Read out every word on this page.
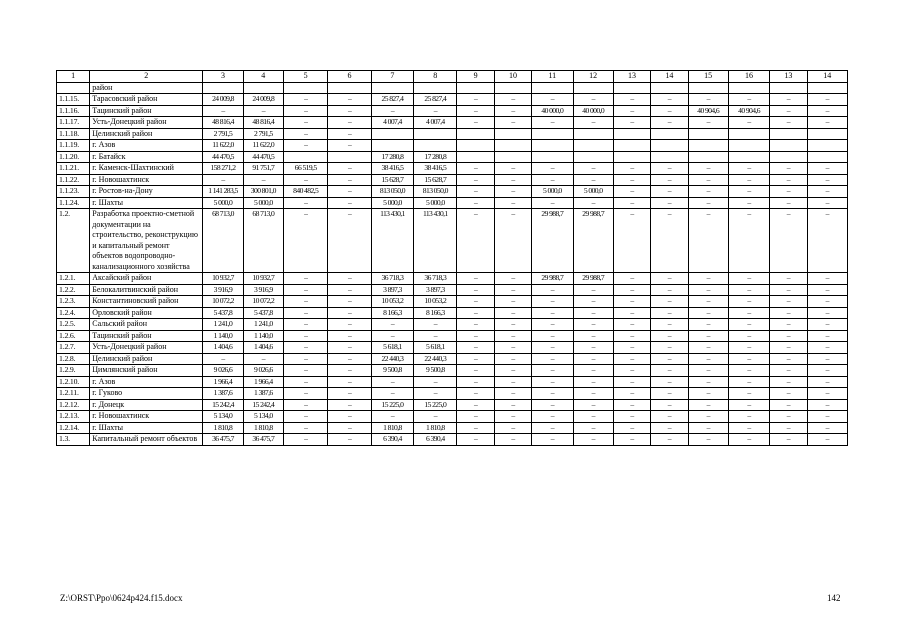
1	2	3	4	5	6	7	8	9	10	11	12	13	14	15	16	13	14
	район																
1.1.15.	Тарасовский район	24 009,8	24 009,8	–	–	25 827,4	25 827,4	–	–	–	–	–	–	–	–	–	–
1.1.16.	Тацинский район	–	–	–	–	–	–	–	–	40 000,0	40 000,0	–	–	40 904,6	40 904,6	–	–
1.1.17.	Усть-Донецкий район	48 816,4	48 816,4	–	–	4 007,4	4 007,4	–	–	–	–	–	–	–	–	–	–
1.1.18.	Целинский район	2 791,5	2 791,5	–	–												
1.1.19.	г. Азов	11 622,0	11 622,0	–	–												
1.1.20.	г. Батайск	44 470,5	44 470,5			17 280,8	17 280,8										
1.1.21.	г. Каменск-Шахтинский	158 271,2	91 751,7	66 519,5	–	38 416,5	38 416,5	–	–	–	–	–	–	–	–	–	–
1.1.22.	г. Новошахтинск	–	–	–	–	15 628,7	15 628,7	–	–	–	–	–	–	–	–	–	–
1.1.23.	г. Ростов-на-Дону	1 141 283,5	300 801,0	840 482,5	–	813 050,0	813 050,0	–	–	5 000,0	5 000,0	–	–	–	–	–	–
1.1.24.	г. Шахты	5 000,0	5 000,0	–	–	5 000,0	5 000,0	–	–	–	–	–	–	–	–	–	–
1.2.	Разработка проектно-сметной документации на строительство, реконструкцию и капитальный ремонт объектов водопроводно-канализационного хозяйства	68 713,0	68 713,0	–	–	113 430,1	113 430,1	–	–	29 988,7	29 988,7	–	–	–	–	–	–
1.2.1.	Аксайский район	10 932,7	10 932,7	–	–	36 718,3	36 718,3	–	–	29 988,7	29 988,7	–	–	–	–	–	–
1.2.2.	Белокалитвинский район	3 916,9	3 916,9	–	–	3 897,3	3 897,3	–	–	–	–	–	–	–	–	–	–
1.2.3.	Константиновский район	10 072,2	10 072,2	–	–	10 053,2	10 053,2	–	–	–	–	–	–	–	–	–	–
1.2.4.	Орловский район	5 437,8	5 437,8	–	–	8 166,3	8 166,3	–	–	–	–	–	–	–	–	–	–
1.2.5.	Сальский район	1 241,0	1 241,0	–	–	–	–	–	–	–	–	–	–	–	–	–	–
1.2.6.	Тацинский район	1 140,0	1 140,0	–	–	–	–	–	–	–	–	–	–	–	–	–	–
1.2.7.	Усть-Донецкий район	1 404,6	1 404,6	–	–	5 618,1	5 618,1	–	–	–	–	–	–	–	–	–	–
1.2.8.	Целинский район	–	–	–	–	22 440,3	22 440,3	–	–	–	–	–	–	–	–	–	–
1.2.9.	Цимлянский район	9 026,6	9 026,6	–	–	9 500,8	9 500,8	–	–	–	–	–	–	–	–	–	–
1.2.10.	г. Азов	1 966,4	1 966,4	–	–	–	–	–	–	–	–	–	–	–	–	–	–
1.2.11.	г. Гуково	1 387,6	1 387,6	–	–	–	–	–	–	–	–	–	–	–	–	–	–
1.2.12.	г. Донецк	15 242,4	15 242,4	–	–	15 225,0	15 225,0	–	–	–	–	–	–	–	–	–	–
1.2.13.	г. Новошахтинск	5 134,0	5 134,0	–	–	–	–	–	–	–	–	–	–	–	–	–	–
1.2.14.	г. Шахты	1 810,8	1 810,8	–	–	1 810,8	1 810,8	–	–	–	–	–	–	–	–	–	–
1.3.	Капитальный ремонт объектов	36 475,7	36 475,7	–	–	6 390,4	6 390,4	–	–	–	–	–	–	–	–	–	–
Z:\ORST\Ppo\0624p424.f15.docx	142
